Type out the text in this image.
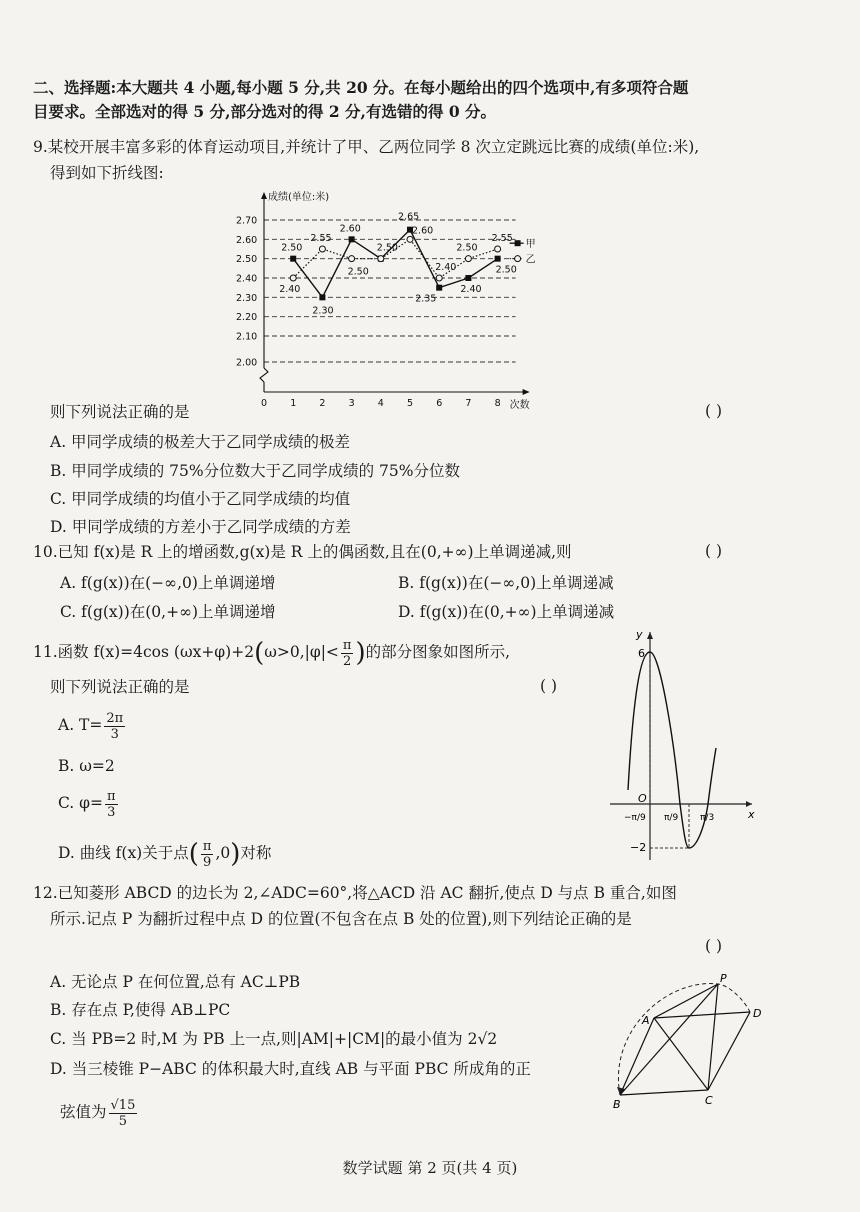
二、选择题:本大题共 4 小题,每小题 5 分,共 20 分。在每小题给出的四个选项中,有多项符合题
目要求。全部选对的得 5 分,部分选对的得 2 分,有选错的得 0 分。
9.某校开展丰富多彩的体育运动项目,并统计了甲、乙两位同学 8 次立定跳远比赛的成绩(单位:米),
得到如下折线图:
2.00
2.10
2.20
2.30
2.40
2.50
2.60
2.70
成绩(单位:米)
次数
0 1 2 3 4 5 6 7 8
2.50
2.30
2.60
2.50
2.65
2.35
2.40
2.50
2.40
2.55
2.50
2.60
2.40
2.50
2.55
甲
乙
则下列说法正确的是	( )
A. 甲同学成绩的极差大于乙同学成绩的极差
B. 甲同学成绩的 75%分位数大于乙同学成绩的 75%分位数
C. 甲同学成绩的均值小于乙同学成绩的均值
D. 甲同学成绩的方差小于乙同学成绩的方差
10.已知 f(x)是 R 上的增函数,g(x)是 R 上的偶函数,且在(0,+∞)上单调递减,则	( )
A. f(g(x))在(−∞,0)上单调递增	B. f(g(x))在(−∞,0)上单调递减
C. f(g(x))在(0,+∞)上单调递增	D. f(g(x))在(0,+∞)上单调递减
11.函数 f(x)=4cos $(\omega x+\varphi)+2(\omega>0,|\varphi|< \frac{\pi}{2}$ )的部分图象如图所示,
则下列说法正确的是	( )
A. $T= \frac{2\pi}{3}$
B. ω=2
C. $\varphi= \frac{\pi}{3}$
D. 曲线 f(x)关于点( $\frac{\pi}{9} ,0$)对称
y
x
O
6
−2
−π/9 π/9 π/3
12.已知菱形 ABCD 的边长为 2,∠ADC=60°,将△ACD 沿 AC 翻折,使点 D 与点 B 重合,如图
所示.记点 P 为翻折过程中点 D 的位置(不包含在点 B 处的位置),则下列结论正确的是
( )
A. 无论点 P 在何位置,总有 AC⊥PB
B. 存在点 P,使得 AB⊥PC
C. 当 PB=2 时,M 为 PB 上一点,则|AM|+|CM|的最小值为 2√2
D. 当三棱锥 P−ABC 的体积最大时,直线 AB 与平面 PBC 所成角的正
弦值为 $\frac{√15}{5}$
P
A
D
B	C
数学试题 第 2 页(共 4 页)
